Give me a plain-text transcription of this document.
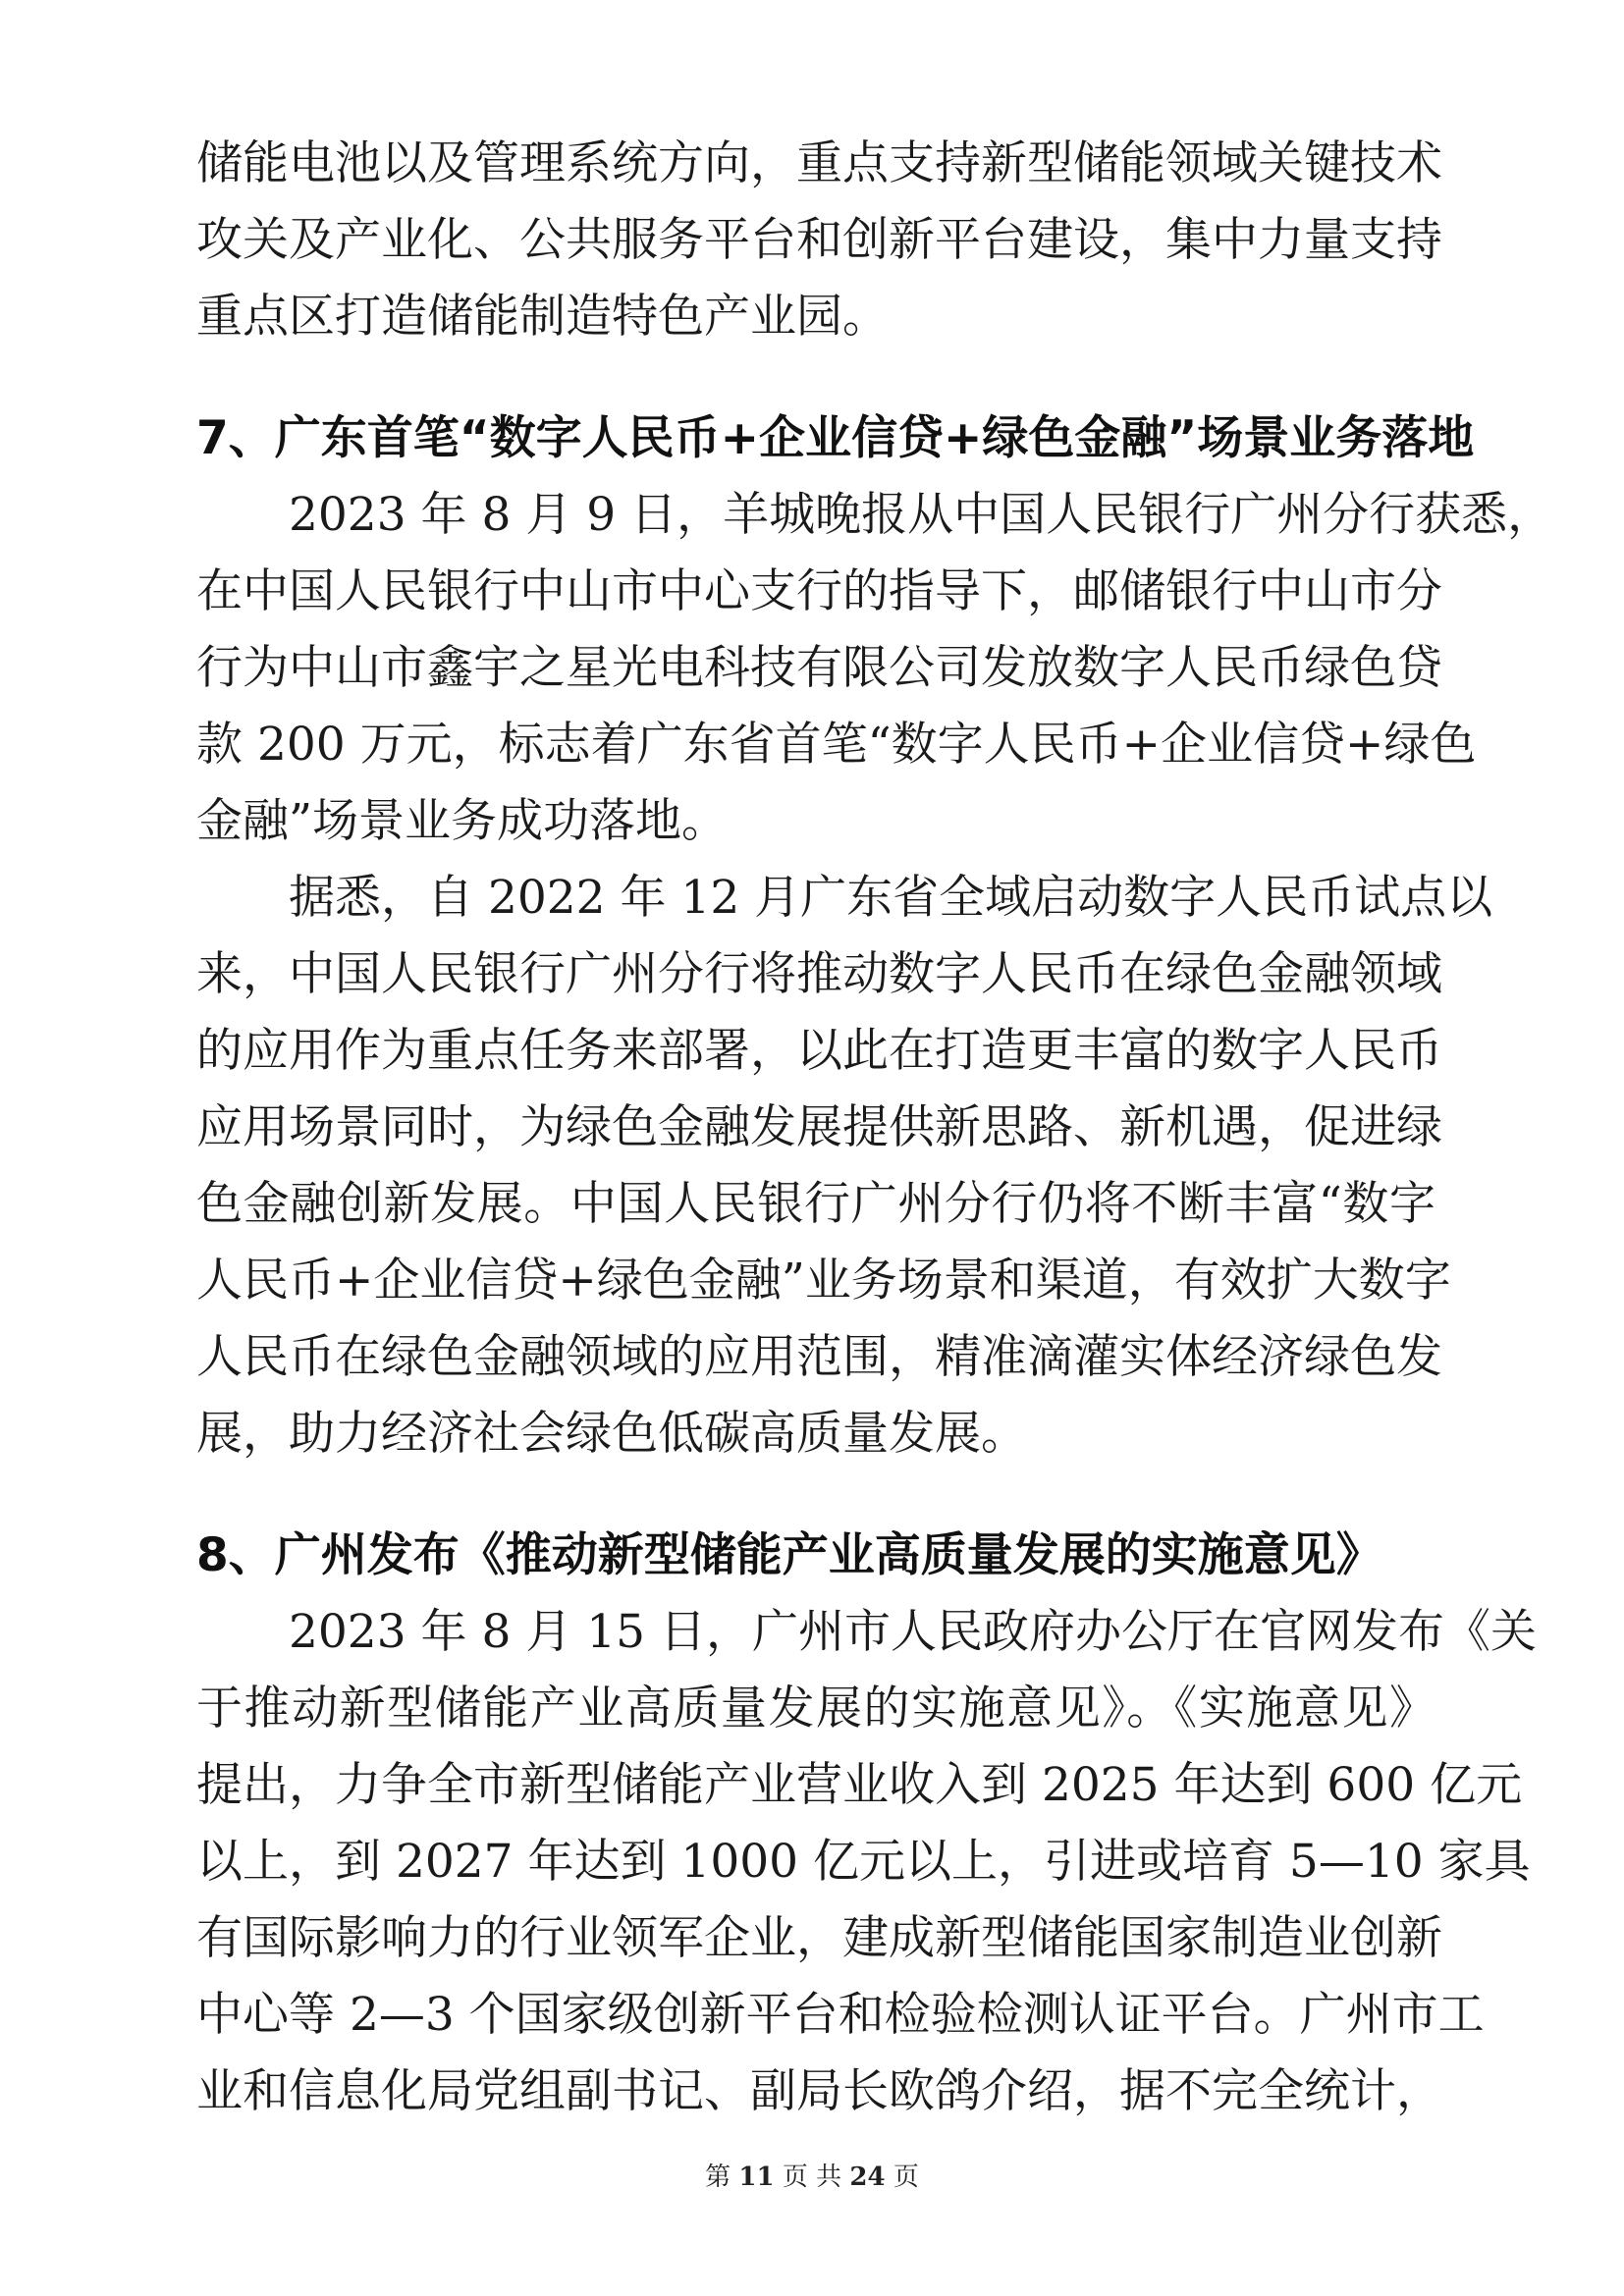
储能电池以及管理系统方向，重点支持新型储能领域关键技术

攻关及产业化、公共服务平台和创新平台建设，集中力量支持

重点区打造储能制造特色产业园。

7、广东首笔“数字人民币+企业信贷+绿色金融”场景业务落地

2023 年 8 月 9 日，羊城晚报从中国人民银行广州分行获悉，

在中国人民银行中山市中心支行的指导下，邮储银行中山市分

行为中山市鑫宇之星光电科技有限公司发放数字人民币绿色贷

款 200 万元，标志着广东省首笔“数字人民币+企业信贷+绿色

金融”场景业务成功落地。

据悉，自 2022 年 12 月广东省全域启动数字人民币试点以

来，中国人民银行广州分行将推动数字人民币在绿色金融领域

的应用作为重点任务来部署，以此在打造更丰富的数字人民币

应用场景同时，为绿色金融发展提供新思路、新机遇，促进绿

色金融创新发展。中国人民银行广州分行仍将不断丰富“数字

人民币+企业信贷+绿色金融”业务场景和渠道，有效扩大数字

人民币在绿色金融领域的应用范围，精准滴灌实体经济绿色发

展，助力经济社会绿色低碳高质量发展。

8、广州发布《推动新型储能产业高质量发展的实施意见》

2023 年 8 月 15 日，广州市人民政府办公厅在官网发布《关

于推动新型储能产业高质量发展的实施意见》。《实施意见》

提出，力争全市新型储能产业营业收入到 2025 年达到 600 亿元

以上，到 2027 年达到 1000 亿元以上，引进或培育 5—10 家具

有国际影响力的行业领军企业，建成新型储能国家制造业创新

中心等 2—3 个国家级创新平台和检验检测认证平台。广州市工

业和信息化局党组副书记、副局长欧鸽介绍，据不完全统计，

第 11 页 共 24 页
